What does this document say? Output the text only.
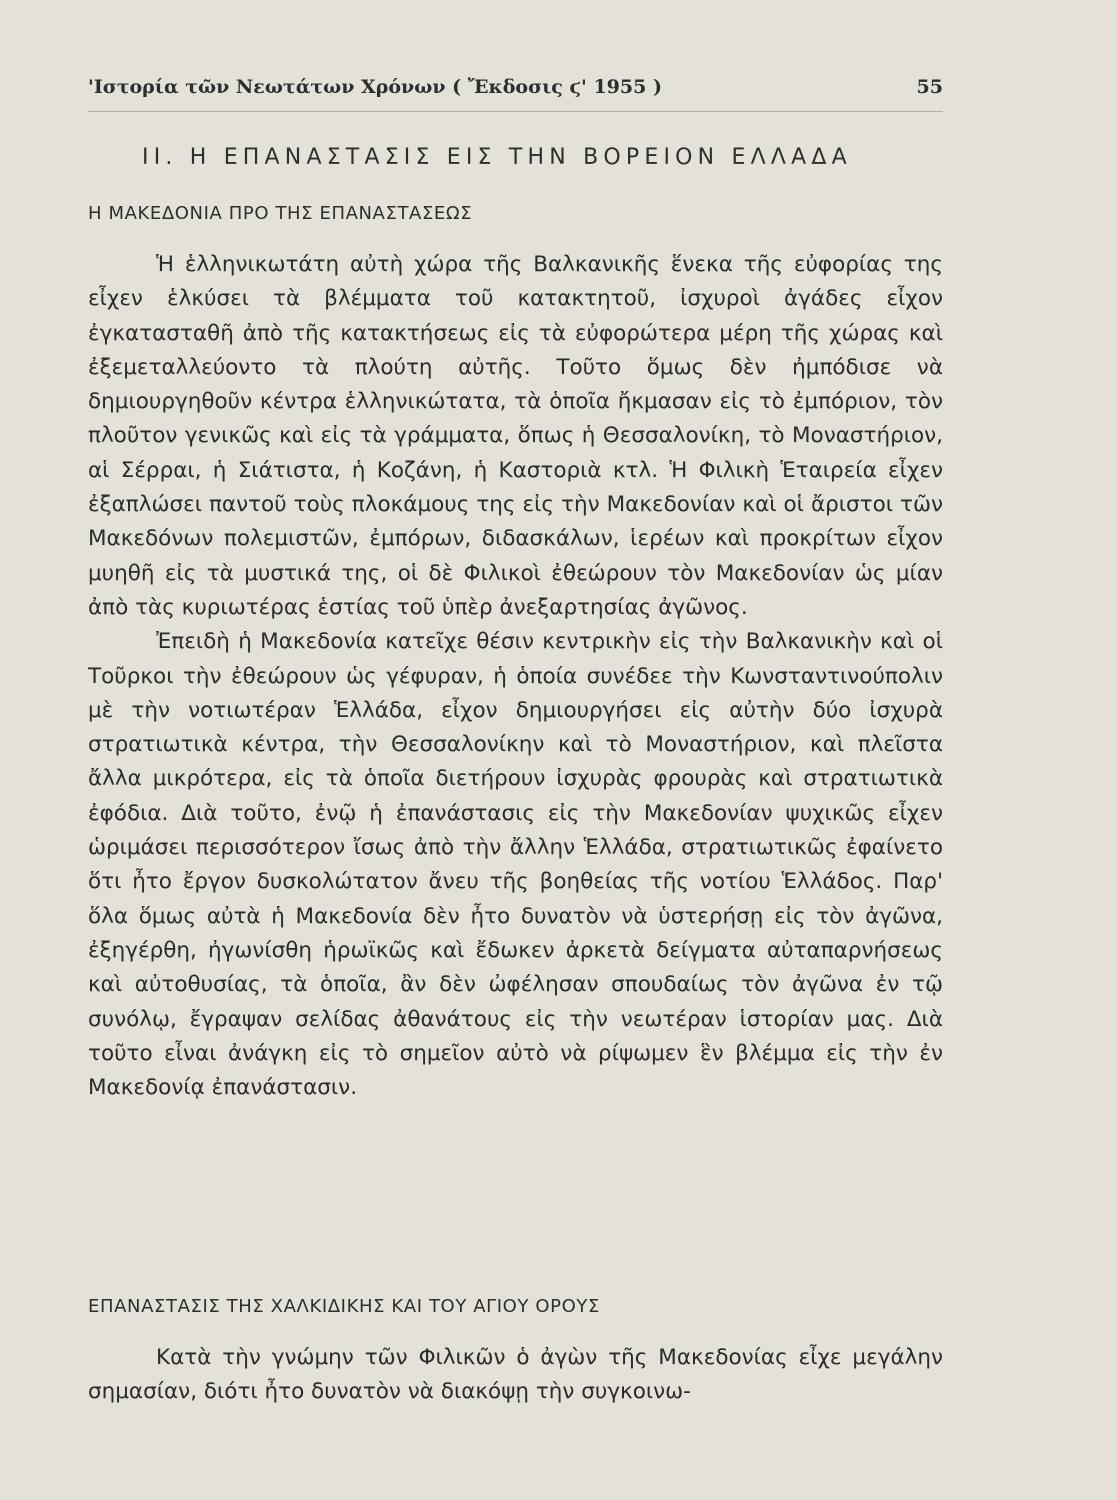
'Ιστορία τῶν Νεωτάτων Χρόνων ( Ἔκδοσις ϛ' 1955 )	55
ΙΙ. Η ΕΠΑΝΑΣΤΑΣΙΣ ΕΙΣ ΤΗΝ ΒΟΡΕΙΟΝ ΕΛΛΑΔΑ
Η ΜΑΚΕΔΟΝΙΑ ΠΡΟ ΤΗΣ ΕΠΑΝΑΣΤΑΣΕΩΣ

Ἡ ἑλληνικωτάτη αὐτὴ χώρα τῆς Βαλκανικῆς ἕνεκα τῆς εὐφορίας της εἶχεν ἑλκύσει τὰ βλέμματα τοῦ κατακτητοῦ, ἰσχυροὶ ἀγάδες εἶχον ἐγκατασταθῆ ἀπὸ τῆς κατακτήσεως εἰς τὰ εὐφορώτερα μέρη τῆς χώρας καὶ ἐξεμεταλλεύοντο τὰ πλούτη αὐτῆς. Τοῦτο ὅμως δὲν ἠμπόδισε νὰ δημιουργηθοῦν κέντρα ἑλληνικώτατα, τὰ ὁποῖα ἤκμασαν εἰς τὸ ἐμπόριον, τὸν πλοῦτον γενικῶς καὶ εἰς τὰ γράμματα, ὅπως ἡ Θεσσαλονίκη, τὸ Μοναστήριον, αἱ Σέρραι, ἡ Σιάτιστα, ἡ Κοζάνη, ἡ Καστοριὰ κτλ. Ἡ Φιλικὴ Ἑταιρεία εἶχεν ἐξαπλώσει παντοῦ τοὺς πλοκάμους της εἰς τὴν Μακεδονίαν καὶ οἱ ἄριστοι τῶν Μακεδόνων πολεμιστῶν, ἐμπόρων, διδασκάλων, ἱερέων καὶ προκρίτων εἶχον μυηθῆ εἰς τὰ μυστικά της, οἱ δὲ Φιλικοὶ ἐθεώρουν τὸν Μακεδονίαν ὡς μίαν ἀπὸ τὰς κυριωτέρας ἑστίας τοῦ ὑπὲρ ἀνεξαρτησίας ἀγῶνος.

Ἐπειδὴ ἡ Μακεδονία κατεῖχε θέσιν κεντρικὴν εἰς τὴν Βαλκανικὴν καὶ οἱ Τοῦρκοι τὴν ἐθεώρουν ὡς γέφυραν, ἡ ὁποία συνέδεε τὴν Κωνσταντινούπολιν μὲ τὴν νοτιωτέραν Ἑλλάδα, εἶχον δημιουργήσει εἰς αὐτὴν δύο ἰσχυρὰ στρατιωτικὰ κέντρα, τὴν Θεσσαλονίκην καὶ τὸ Μοναστήριον, καὶ πλεῖστα ἄλλα μικρότερα, εἰς τὰ ὁποῖα διετήρουν ἰσχυρὰς φρουρὰς καὶ στρατιωτικὰ ἐφόδια. Διὰ τοῦτο, ἐνῷ ἡ ἐπανάστασις εἰς τὴν Μακεδονίαν ψυχικῶς εἶχεν ὡριμάσει περισσότερον ἴσως ἀπὸ τὴν ἄλλην Ἑλλάδα, στρατιωτικῶς ἐφαίνετο ὅτι ἦτο ἔργον δυσκολώτατον ἄνευ τῆς βοηθείας τῆς νοτίου Ἑλλάδος. Παρ' ὅλα ὅμως αὐτὰ ἡ Μακεδονία δὲν ἦτο δυνατὸν νὰ ὑστερήσῃ εἰς τὸν ἀγῶνα, ἐξηγέρθη, ἠγωνίσθη ἡρωϊκῶς καὶ ἔδωκεν ἀρκετὰ δείγματα αὐταπαρνήσεως καὶ αὐτοθυσίας, τὰ ὁποῖα, ἂν δὲν ὠφέλησαν σπουδαίως τὸν ἀγῶνα ἐν τῷ συνόλῳ, ἔγραψαν σελίδας ἀθανάτους εἰς τὴν νεωτέραν ἱστορίαν μας. Διὰ τοῦτο εἶναι ἀνάγκη εἰς τὸ σημεῖον αὐτὸ νὰ ρίψωμεν ἓν βλέμμα εἰς τὴν ἐν Μακεδονίᾳ ἐπανάστασιν.

ΕΠΑΝΑΣΤΑΣΙΣ ΤΗΣ ΧΑΛΚΙΔΙΚΗΣ ΚΑΙ ΤΟΥ ΑΓΙΟΥ ΟΡΟΥΣ

Κατὰ τὴν γνώμην τῶν Φιλικῶν ὁ ἀγὼν τῆς Μακεδονίας εἶχε μεγάλην σημασίαν, διότι ἦτο δυνατὸν νὰ διακόψῃ τὴν συγκοινω-
